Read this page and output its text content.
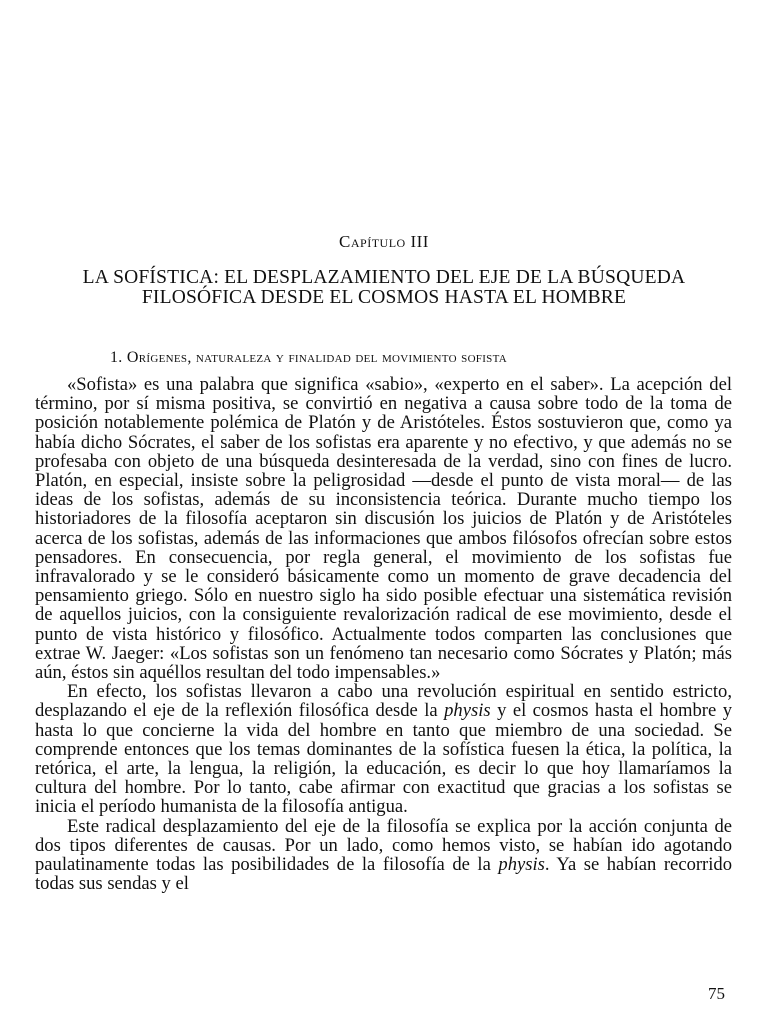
Capítulo III
LA SOFÍSTICA: EL DESPLAZAMIENTO DEL EJE DE LA BÚSQUEDA FILOSÓFICA DESDE EL COSMOS HASTA EL HOMBRE
1. Orígenes, naturaleza y finalidad del movimiento sofista

«Sofista» es una palabra que significa «sabio», «experto en el saber». La acepción del término, por sí misma positiva, se convirtió en negativa a causa sobre todo de la toma de posición notablemente polémica de Platón y de Aristóteles. Éstos sostuvieron que, como ya había dicho Sócrates, el saber de los sofistas era aparente y no efectivo, y que además no se profesaba con objeto de una búsqueda desinteresada de la verdad, sino con fines de lucro. Platón, en especial, insiste sobre la peligrosidad —desde el punto de vista moral— de las ideas de los sofistas, además de su inconsistencia teórica. Durante mucho tiempo los historiadores de la filosofía aceptaron sin discusión los juicios de Platón y de Aristóteles acerca de los sofistas, además de las informaciones que ambos filósofos ofrecían sobre estos pensadores. En consecuencia, por regla general, el movimiento de los sofistas fue infravalorado y se le consideró básicamente como un momento de grave decadencia del pensamiento griego. Sólo en nuestro siglo ha sido posible efectuar una sistemática revisión de aquellos juicios, con la consiguiente revalorización radical de ese movimiento, desde el punto de vista histórico y filosófico. Actualmente todos comparten las conclusiones que extrae W. Jaeger: «Los sofistas son un fenómeno tan necesario como Sócrates y Platón; más aún, éstos sin aquéllos resultan del todo impensables.»

En efecto, los sofistas llevaron a cabo una revolución espiritual en sentido estricto, desplazando el eje de la reflexión filosófica desde la physis y el cosmos hasta el hombre y hasta lo que concierne la vida del hombre en tanto que miembro de una sociedad. Se comprende entonces que los temas dominantes de la sofística fuesen la ética, la política, la retórica, el arte, la lengua, la religión, la educación, es decir lo que hoy llamaríamos la cultura del hombre. Por lo tanto, cabe afirmar con exactitud que gracias a los sofistas se inicia el período humanista de la filosofía antigua.

Este radical desplazamiento del eje de la filosofía se explica por la acción conjunta de dos tipos diferentes de causas. Por un lado, como hemos visto, se habían ido agotando paulatinamente todas las posibilidades de la filosofía de la physis. Ya se habían recorrido todas sus sendas y el

75
